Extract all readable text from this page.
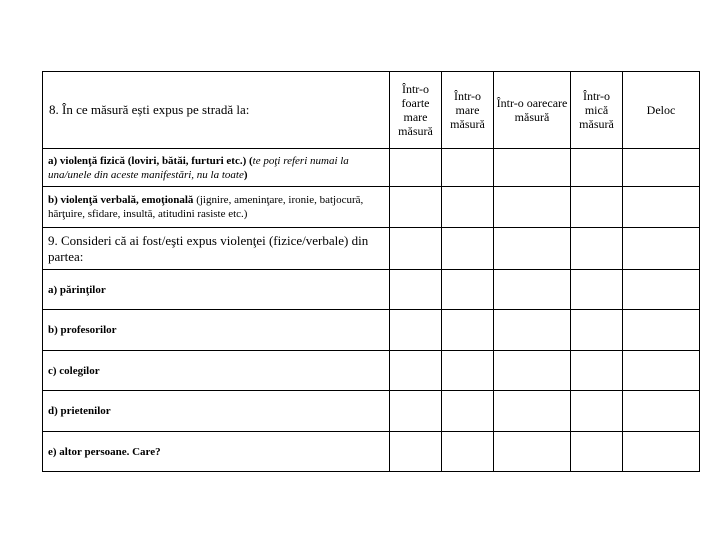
8. În ce măsură ești expus pe stradă la:	Într-o foarte mare măsură	Într-o mare măsură	Într-o oarecare măsură	Într-o mică măsură	Deloc
a) violenţă fizică (loviri, bătăi, furturi etc.) (te poţi referi numai la una/unele din aceste manifestări, nu la toate)					
b) violenţă verbală, emoţională (jignire, ameninţare, ironie, batjocură, hărţuire, sfidare, insultă, atitudini rasiste etc.)					
9. Consideri că ai fost/eşti expus violenţei (fizice/verbale) din partea:					
a) părinţilor					
b) profesorilor					
c) colegilor					
d) prietenilor					
e) altor persoane. Care?					
